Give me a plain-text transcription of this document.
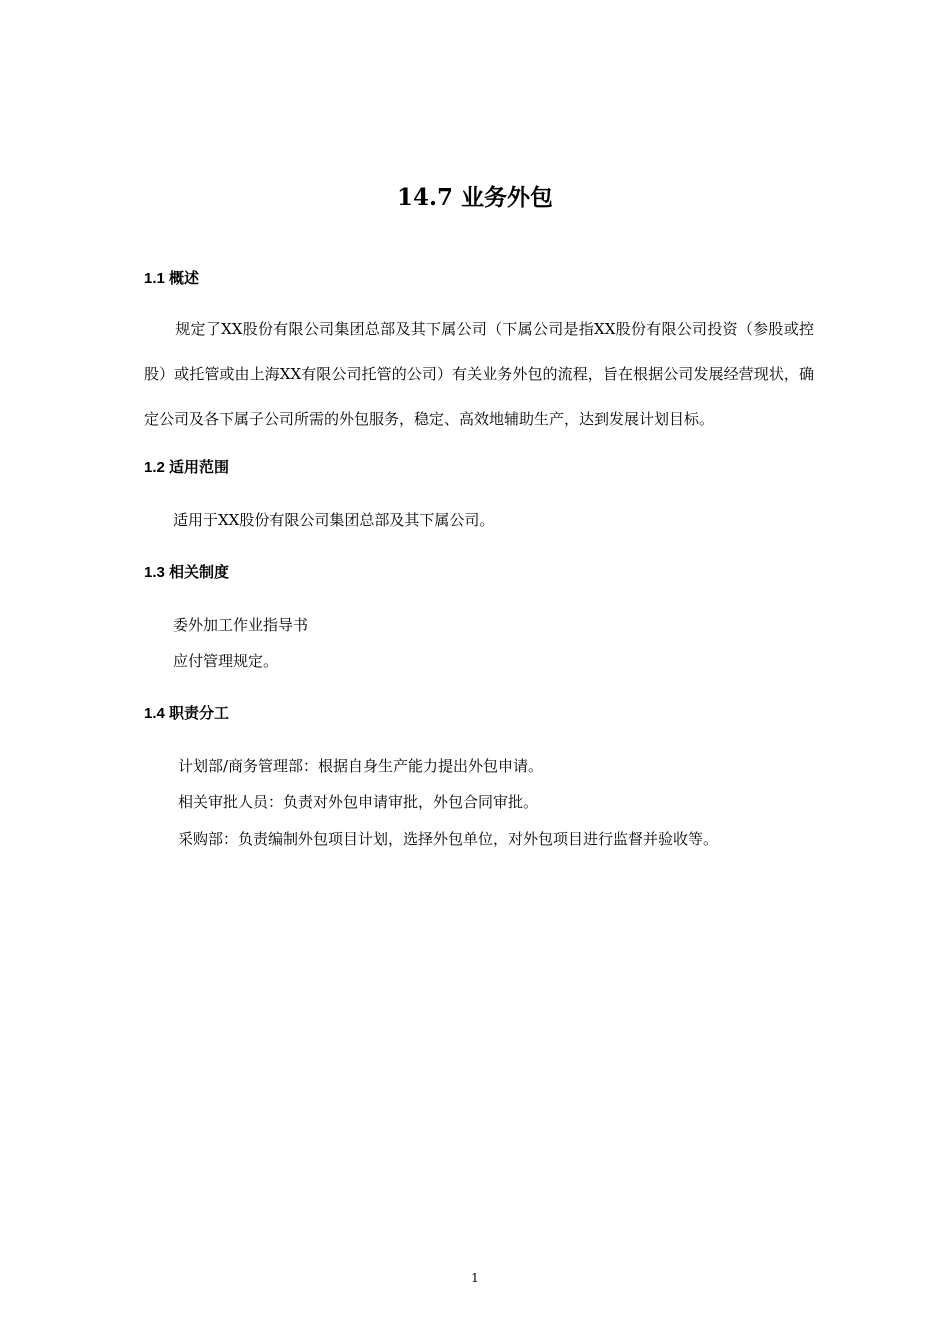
14.7 业务外包
1.1 概述
规定了XX股份有限公司集团总部及其下属公司（下属公司是指XX股份有限公司投资（参股或控股）或托管或由上海XX有限公司托管的公司）有关业务外包的流程，旨在根据公司发展经营现状，确定公司及各下属子公司所需的外包服务，稳定、高效地辅助生产，达到发展计划目标。
1.2 适用范围
适用于XX股份有限公司集团总部及其下属公司。
1.3 相关制度
委外加工作业指导书
应付管理规定。
1.4 职责分工
计划部/商务管理部：根据自身生产能力提出外包申请。
相关审批人员：负责对外包申请审批，外包合同审批。
采购部：负责编制外包项目计划，选择外包单位，对外包项目进行监督并验收等。
1
